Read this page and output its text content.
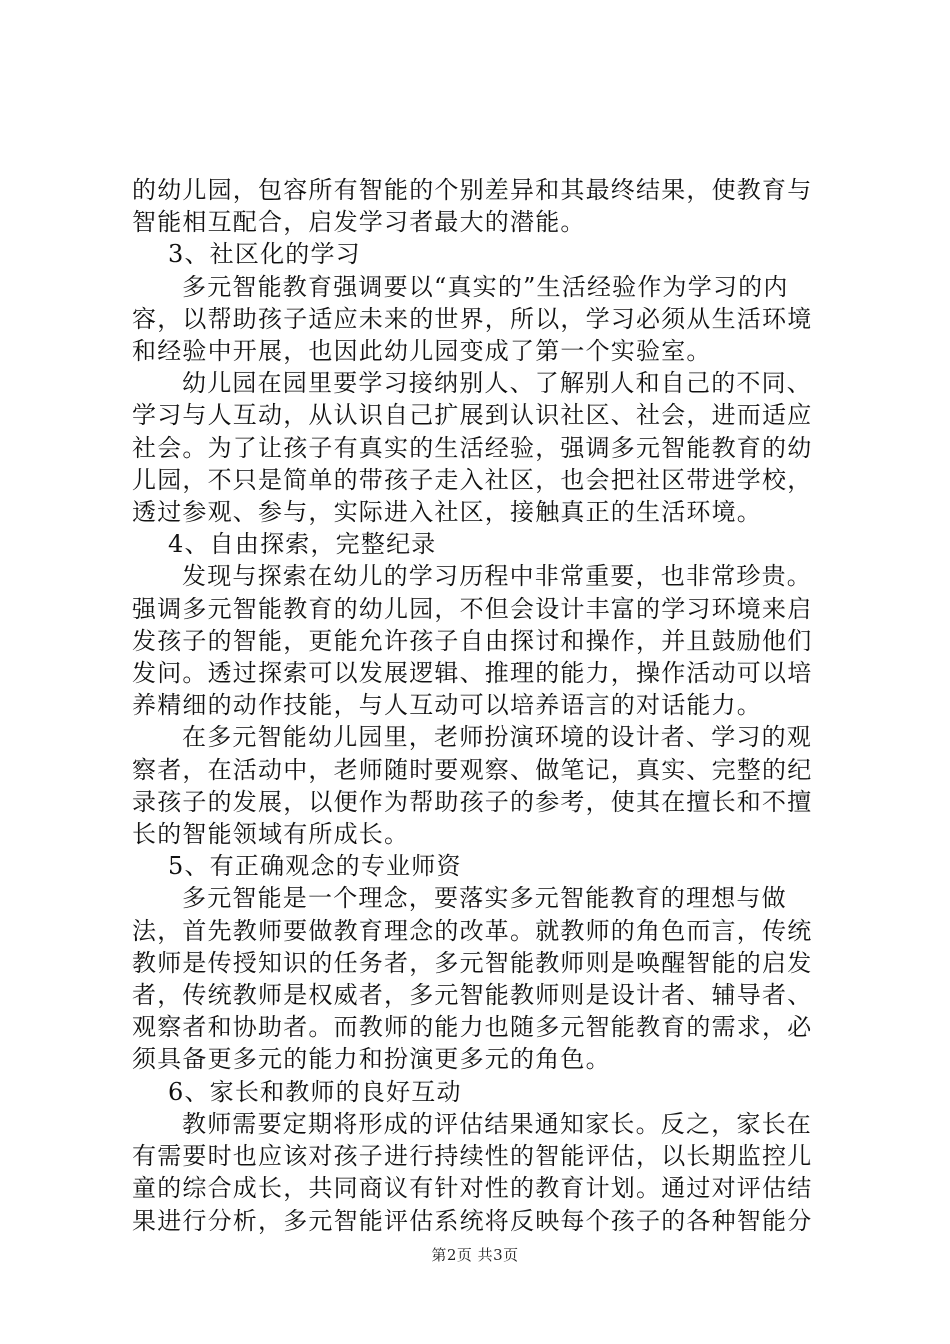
的幼儿园，包容所有智能的个别差异和其最终结果，使教育与智能相互配合，启发学习者最大的潜能。

3、社区化的学习

多元智能教育强调要以“真实的”生活经验作为学习的内容，以帮助孩子适应未来的世界，所以，学习必须从生活环境和经验中开展，也因此幼儿园变成了第一个实验室。

幼儿园在园里要学习接纳别人、了解别人和自己的不同、学习与人互动，从认识自己扩展到认识社区、社会，进而适应社会。为了让孩子有真实的生活经验，强调多元智能教育的幼儿园，不只是简单的带孩子走入社区，也会把社区带进学校，透过参观、参与，实际进入社区，接触真正的生活环境。

4、自由探索，完整纪录

发现与探索在幼儿的学习历程中非常重要，也非常珍贵。强调多元智能教育的幼儿园，不但会设计丰富的学习环境来启发孩子的智能，更能允许孩子自由探讨和操作，并且鼓励他们发问。透过探索可以发展逻辑、推理的能力，操作活动可以培养精细的动作技能，与人互动可以培养语言的对话能力。

在多元智能幼儿园里，老师扮演环境的设计者、学习的观察者，在活动中，老师随时要观察、做笔记，真实、完整的纪录孩子的发展，以便作为帮助孩子的参考，使其在擅长和不擅长的智能领域有所成长。

5、有正确观念的专业师资

多元智能是一个理念，要落实多元智能教育的理想与做法，首先教师要做教育理念的改革。就教师的角色而言，传统教师是传授知识的任务者，多元智能教师则是唤醒智能的启发者，传统教师是权威者，多元智能教师则是设计者、辅导者、观察者和协助者。而教师的能力也随多元智能教育的需求，必须具备更多元的能力和扮演更多元的角色。

6、家长和教师的良好互动

教师需要定期将形成的评估结果通知家长。反之，家长在有需要时也应该对孩子进行持续性的智能评估，以长期监控儿童的综合成长，共同商议有针对性的教育计划。通过对评估结果进行分析，多元智能评估系统将反映每个孩子的各种智能分

第2页 共3页
